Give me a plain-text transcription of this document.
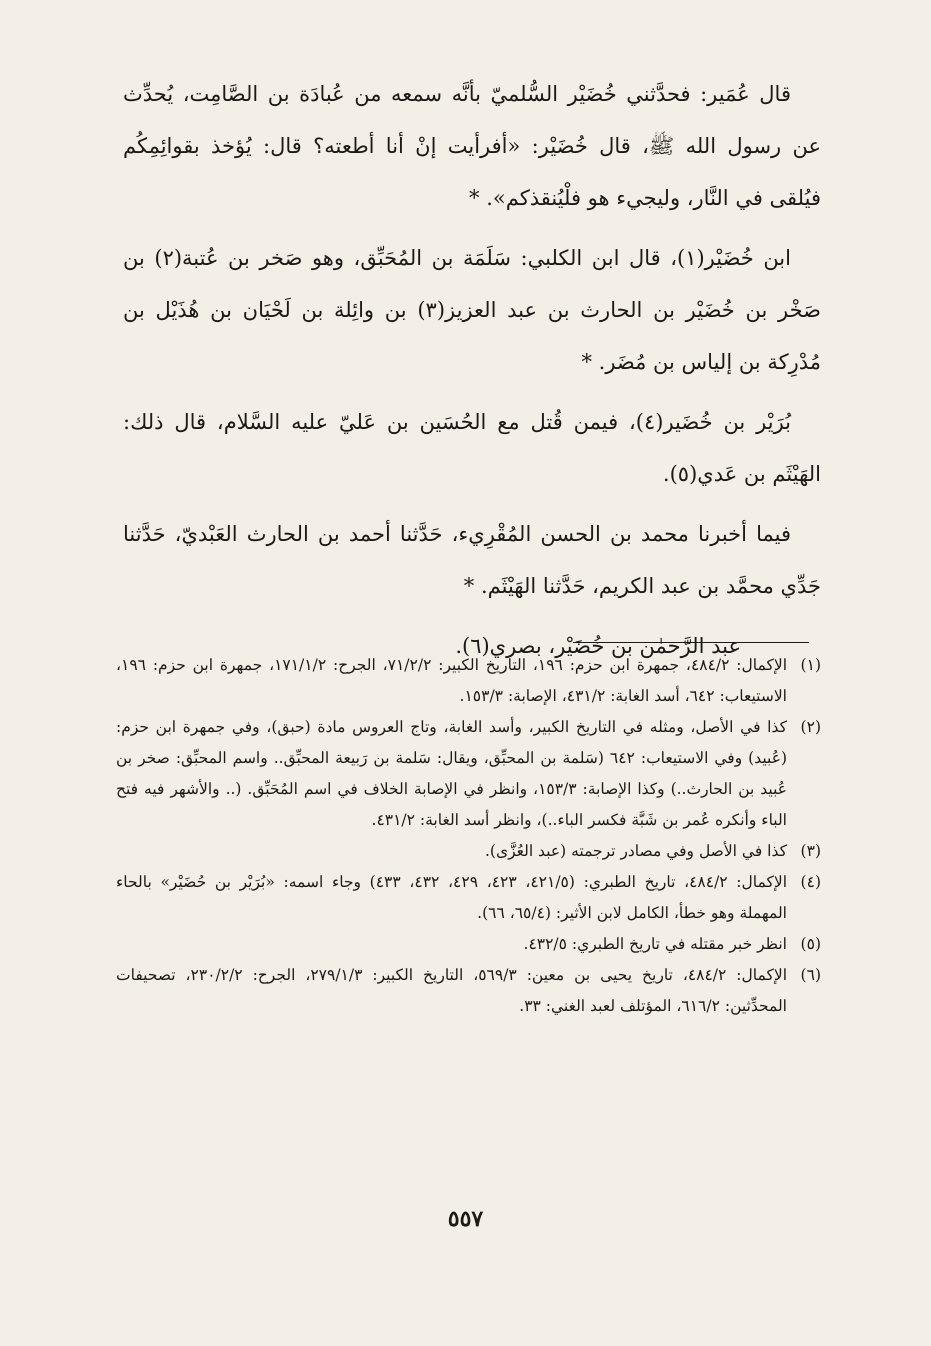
قال عُمَير: فحدَّثني خُضَيْر السُّلميّ بأنَّه سمعه من عُبادَة بن الصَّامِت، يُحدِّث عن رسول الله ﷺ، قال خُضَيْر: «أفرأيت إنْ أنا أطعته؟ قال: يُؤخذ بقوائِمِكُم فيُلقى في النَّار، وليجيء هو فلْيُنقذكم». *

ابن خُضَيْر(١)، قال ابن الكلبي: سَلَمَة بن المُحَبِّق، وهو صَخر بن عُتبة(٢) بن صَخْر بن خُضَيْر بن الحارث بن عبد العزيز(٣) بن وائِلة بن لَحْيَان بن هُذَيْل بن مُدْرِكة بن إلياس بن مُضَر. *

بُرَيْر بن خُضَير(٤)، فيمن قُتل مع الحُسَين بن عَليّ عليه السَّلام، قال ذلك: الهَيْثَم بن عَدي(٥).

فيما أخبرنا محمد بن الحسن المُقْرِيء، حَدَّثنا أحمد بن الحارث العَبْديّ، حَدَّثنا جَدِّي محمَّد بن عبد الكريم، حَدَّثنا الهَيْثَم. *

عبد الرَّحمٰن بن خُضَيْر، بصري(٦).

(١)
الإكمال: ٤٨٤/٢، جمهرة ابن حزم: ١٩٦، التاريخ الكبير: ٧١/٢/٢، الجرح: ١٧١/١/٢، جمهرة ابن حزم: ١٩٦، الاستيعاب: ٦٤٢، أسد الغابة: ٤٣١/٢، الإصابة: ١٥٣/٣.
(٢)
كذا في الأصل، ومثله في التاريخ الكبير، وأسد الغابة، وتاج العروس مادة (حبق)، وفي جمهرة ابن حزم: (عُبيد) وفي الاستيعاب: ٦٤٢ (سَلمة بن المحبِّق، ويقال: سَلمة بن رَبيعة المحبِّق.. واسم المحبِّق: صخر بن عُبيد بن الحارث..) وكذا الإصابة: ١٥٣/٣، وانظر في الإصابة الخلاف في اسم المُحَبِّق. (.. والأشهر فيه فتح الباء وأنكره عُمر بن شَبَّة فكسر الباء..)، وانظر أسد الغابة: ٤٣١/٢.
(٣)
كذا في الأصل وفي مصادر ترجمته (عبد العُزَّى).
(٤)
الإكمال: ٤٨٤/٢، تاريخ الطبري: (٤٢١/٥، ٤٢٣، ٤٢٩، ٤٣٢، ٤٣٣) وجاء اسمه: «بُرَيْر بن حُضَيْر» بالحاء المهملة وهو خطأ، الكامل لابن الأثير: (٦٥/٤، ٦٦).
(٥)
انظر خبر مقتله في تاريخ الطبري: ٤٣٢/٥.
(٦)
الإكمال: ٤٨٤/٢، تاريخ يحيى بن معين: ٥٦٩/٣، التاريخ الكبير: ٢٧٩/١/٣، الجرح: ٢٣٠/٢/٢، تصحيفات المحدِّثين: ٦١٦/٢، المؤتلف لعبد الغني: ٣٣.
٥٥٧
